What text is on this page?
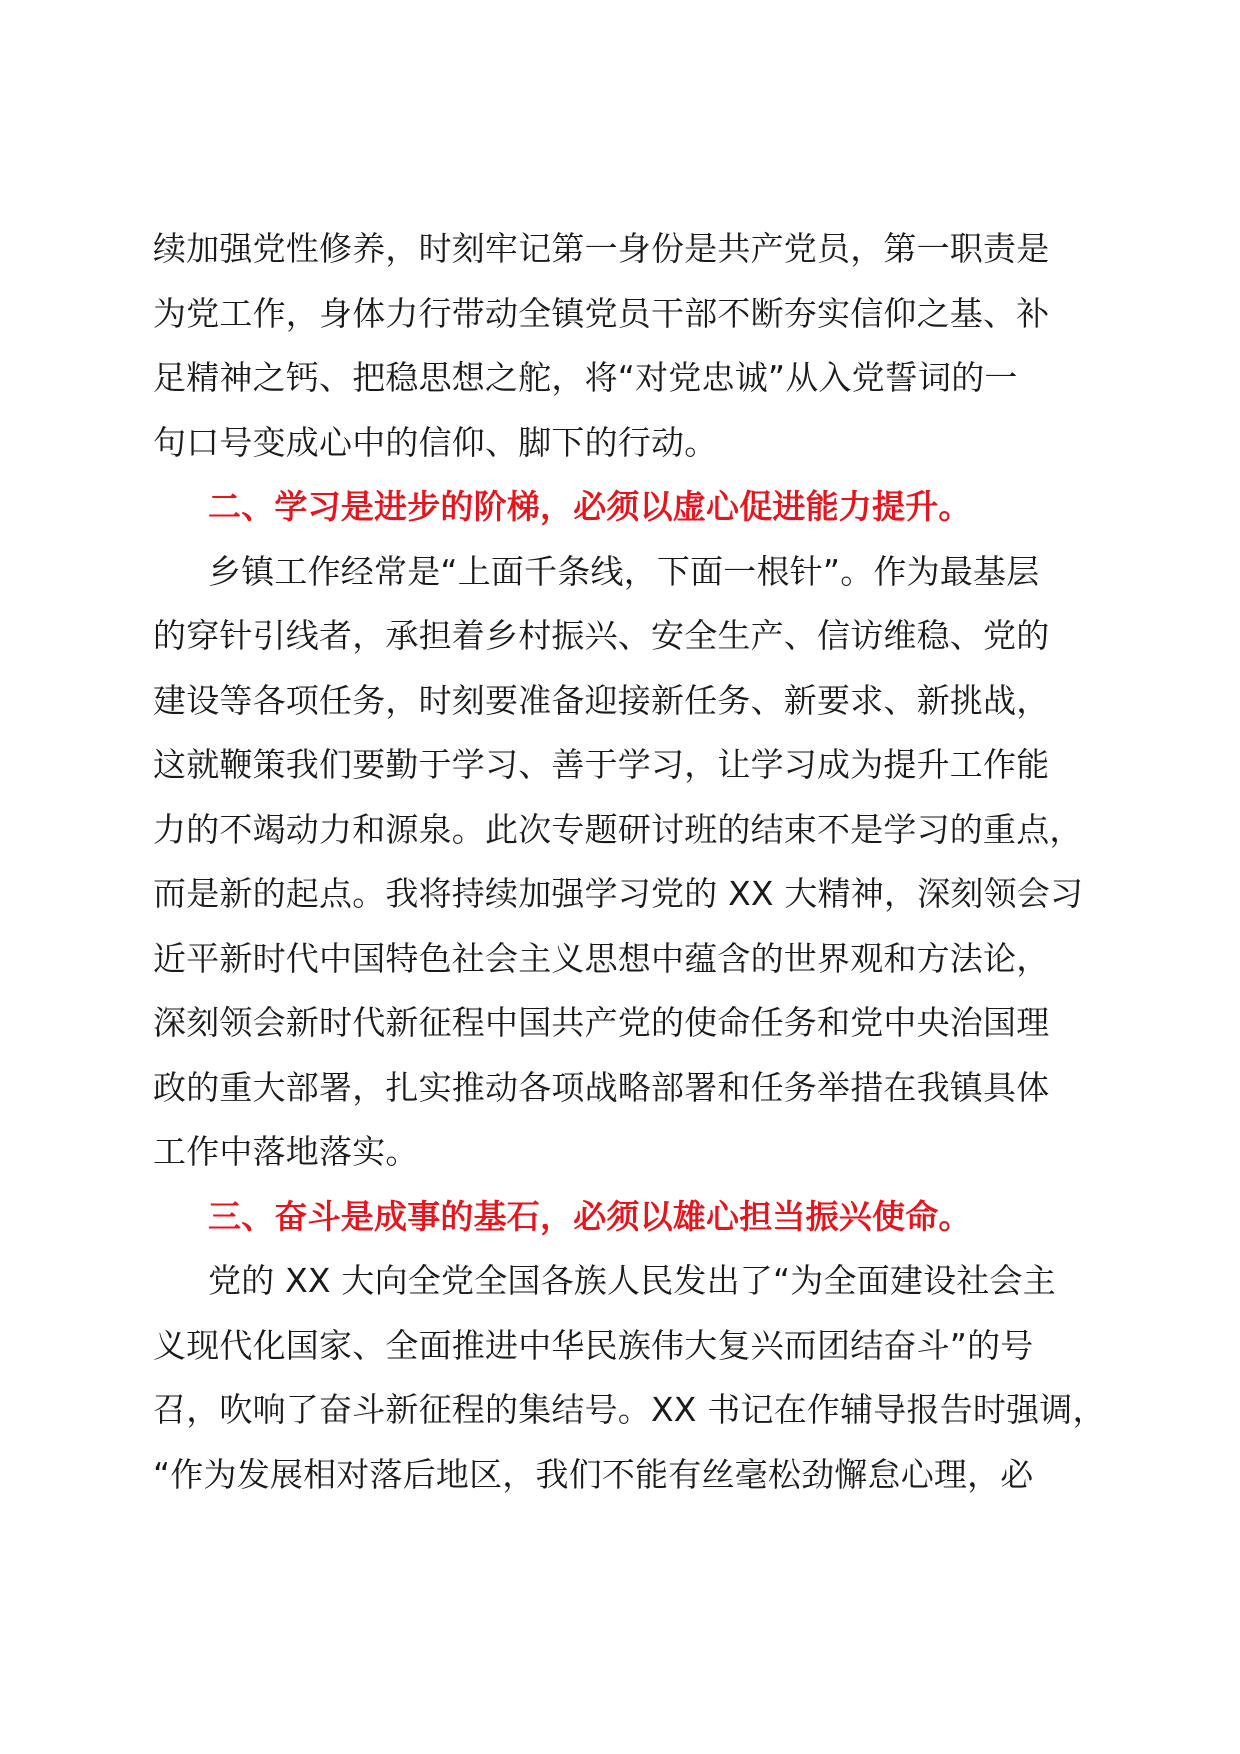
续加强党性修养，时刻牢记第一身份是共产党员，第一职责是
为党工作，身体力行带动全镇党员干部不断夯实信仰之基、补
足精神之钙、把稳思想之舵，将“对党忠诚”从入党誓词的一
句口号变成心中的信仰、脚下的行动。
二、学习是进步的阶梯，必须以虚心促进能力提升。
乡镇工作经常是“上面千条线，下面一根针”。作为最基层
的穿针引线者，承担着乡村振兴、安全生产、信访维稳、党的
建设等各项任务，时刻要准备迎接新任务、新要求、新挑战，
这就鞭策我们要勤于学习、善于学习，让学习成为提升工作能
力的不竭动力和源泉。此次专题研讨班的结束不是学习的重点，
而是新的起点。我将持续加强学习党的 XX 大精神，深刻领会习
近平新时代中国特色社会主义思想中蕴含的世界观和方法论，
深刻领会新时代新征程中国共产党的使命任务和党中央治国理
政的重大部署，扎实推动各项战略部署和任务举措在我镇具体
工作中落地落实。
三、奋斗是成事的基石，必须以雄心担当振兴使命。
党的 XX 大向全党全国各族人民发出了“为全面建设社会主
义现代化国家、全面推进中华民族伟大复兴而团结奋斗”的号
召，吹响了奋斗新征程的集结号。XX 书记在作辅导报告时强调，
“作为发展相对落后地区，我们不能有丝毫松劲懈怠心理，必
